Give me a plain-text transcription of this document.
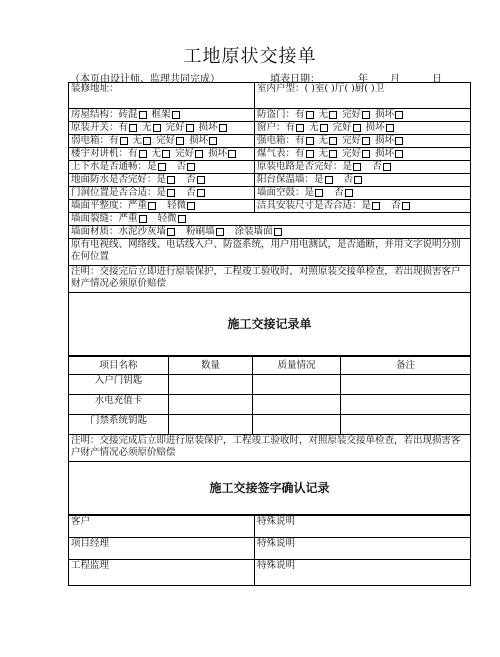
工地原状交接单
（本页由设计师、监理共同完成）	填表日期：	年 月	日
装修地址：	室内户型：( )室( )厅( )厨( )卫
房屋结构：砖混 框架	防盗门：有 无 完好 损坏
原装开关：有 无 完好 损坏	窗户：有 无 完好 损坏
弱电箱：有 无 完好 损坏	强电箱：有 无 完好 损坏
楼宇对讲机：有 无 完好 损坏	煤气表：有 无 完好 损坏
上下水是否通畅：是 否	原装电路是否完好：是 否
地面防水是否完好：是 否	阳台保温墙：是 否
门洞位置是否合适：是 否	墙面空鼓：是 否
墙面平整度：严重 轻微	洁具安装尺寸是否合适：是 否
墙面裂缝：严重 轻微	
墙面材质：水泥沙灰墙 粉刷墙 涂装墙面	
原有电视线、网络线、电话线入户、防盗系统，用户用电测试，是否通断，并用文字说明分别在何位置	
注明：交接完后立即进行原装保护，工程竣工验收时，对照原装交接单检查，若出现损害客户财产情况必须原价赔偿	
施工交接记录单	
项目名称	数量	质量情况	备注
入户门钥匙			
水电充值卡			
门禁系统钥匙			
注明：交接完成后立即进行原装保护，工程竣工验收时，对照原装交接单检查，若出现损害客户财产情况必须原价赔偿			
施工交接签字确认记录			
客户	特殊说明
项目经理	特殊说明
工程监理	特殊说明
